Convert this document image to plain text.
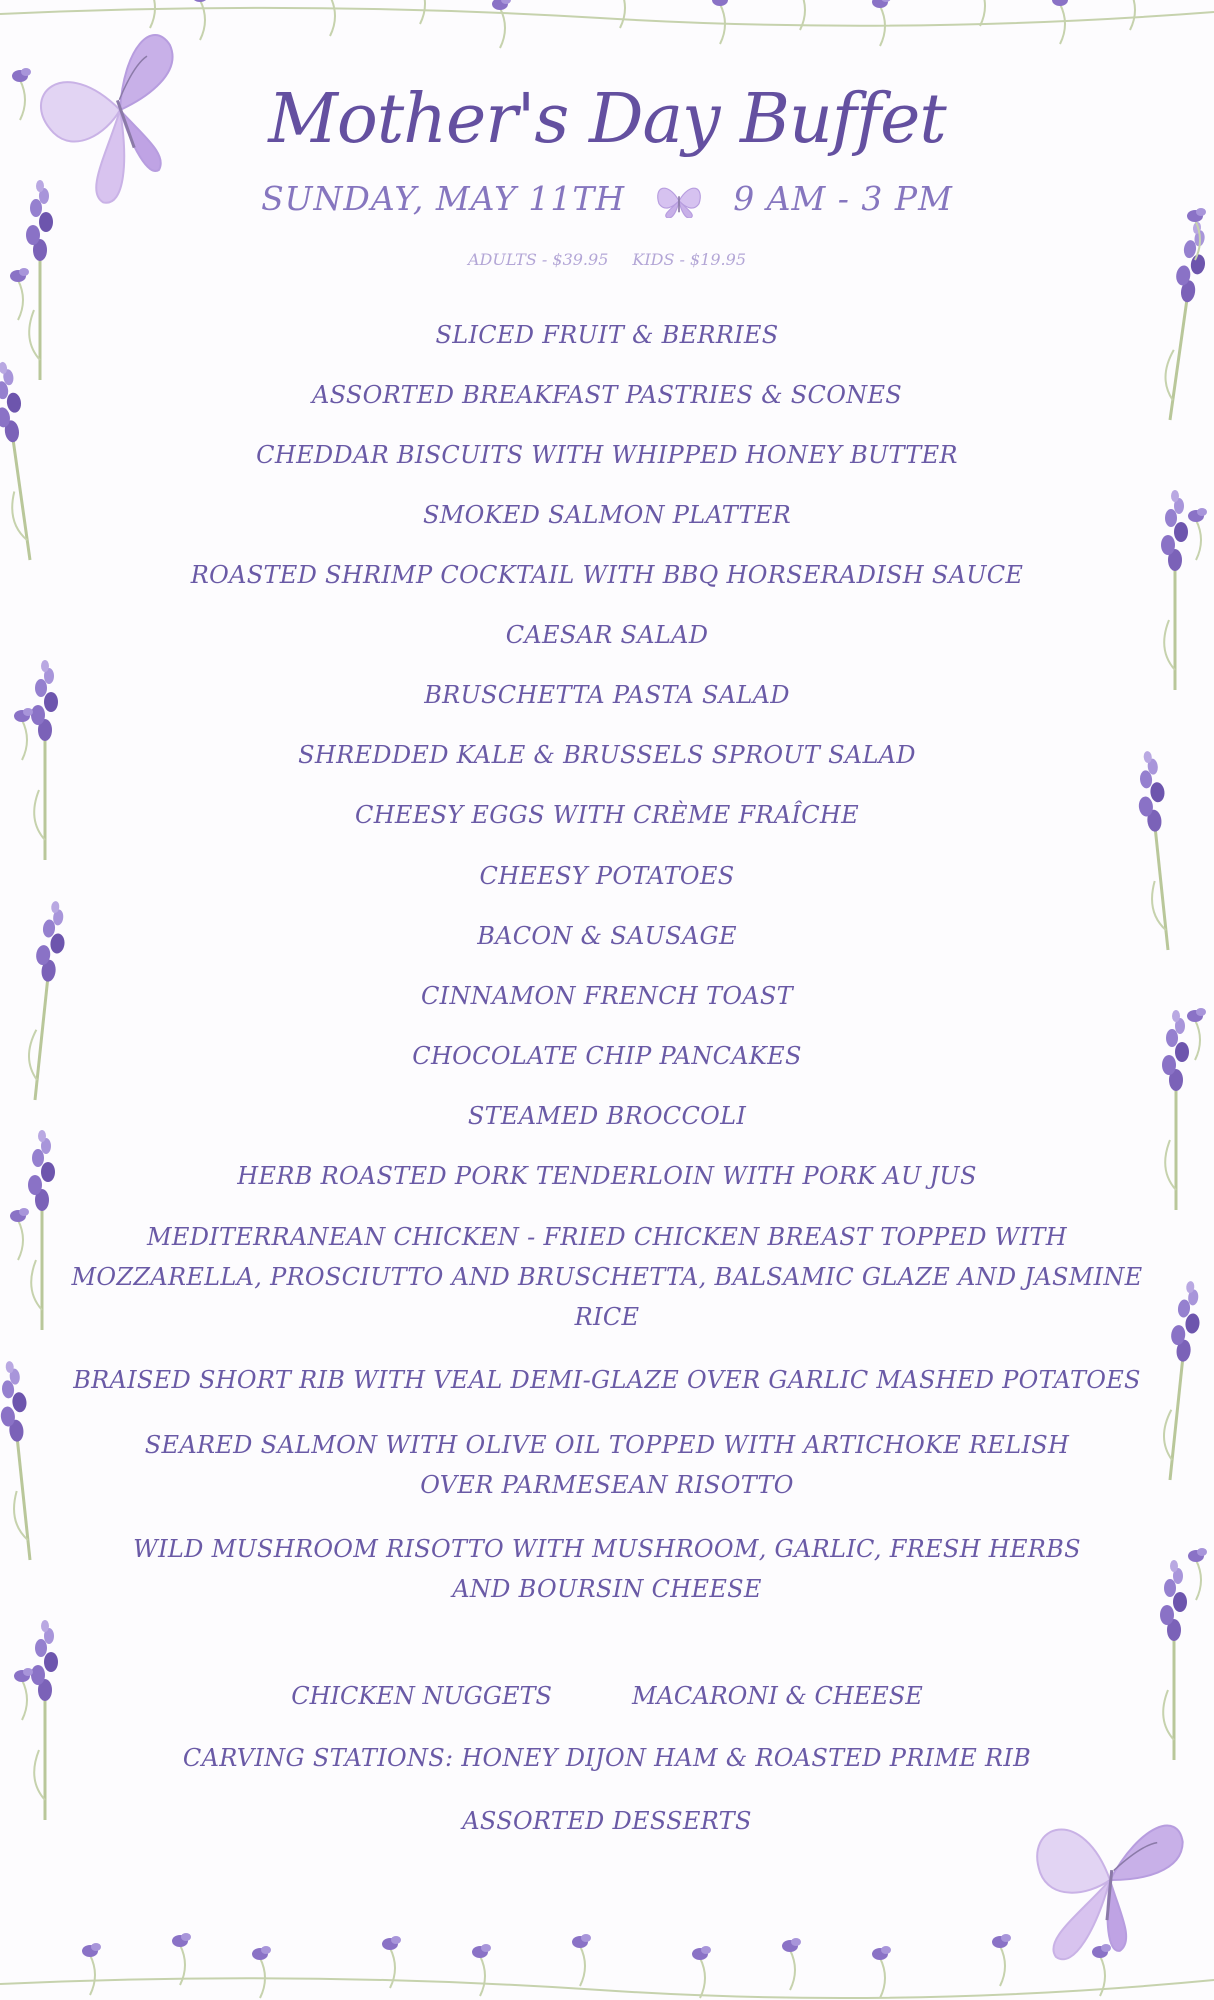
Mother's Day Buffet
SUNDAY, MAY 11TH	9 AM - 3 PM
ADULTS - $39.95 KIDS - $19.95
SLICED FRUIT & BERRIES
ASSORTED BREAKFAST PASTRIES & SCONES
CHEDDAR BISCUITS WITH WHIPPED HONEY BUTTER
SMOKED SALMON PLATTER
ROASTED SHRIMP COCKTAIL WITH BBQ HORSERADISH SAUCE
CAESAR SALAD
BRUSCHETTA PASTA SALAD
SHREDDED KALE & BRUSSELS SPROUT SALAD
CHEESY EGGS WITH CRÈME FRAÎCHE
CHEESY POTATOES
BACON & SAUSAGE
CINNAMON FRENCH TOAST
CHOCOLATE CHIP PANCAKES
STEAMED BROCCOLI
HERB ROASTED PORK TENDERLOIN WITH PORK AU JUS
MEDITERRANEAN CHICKEN - FRIED CHICKEN BREAST TOPPED WITH MOZZARELLA, PROSCIUTTO AND BRUSCHETTA, BALSAMIC GLAZE AND JASMINE RICE
BRAISED SHORT RIB WITH VEAL DEMI-GLAZE OVER GARLIC MASHED POTATOES
SEARED SALMON WITH OLIVE OIL TOPPED WITH ARTICHOKE RELISH OVER PARMESEAN RISOTTO
WILD MUSHROOM RISOTTO WITH MUSHROOM, GARLIC, FRESH HERBS AND BOURSIN CHEESE
CHICKEN NUGGETS	MACARONI & CHEESE
CARVING STATIONS: HONEY DIJON HAM & ROASTED PRIME RIB
ASSORTED DESSERTS
